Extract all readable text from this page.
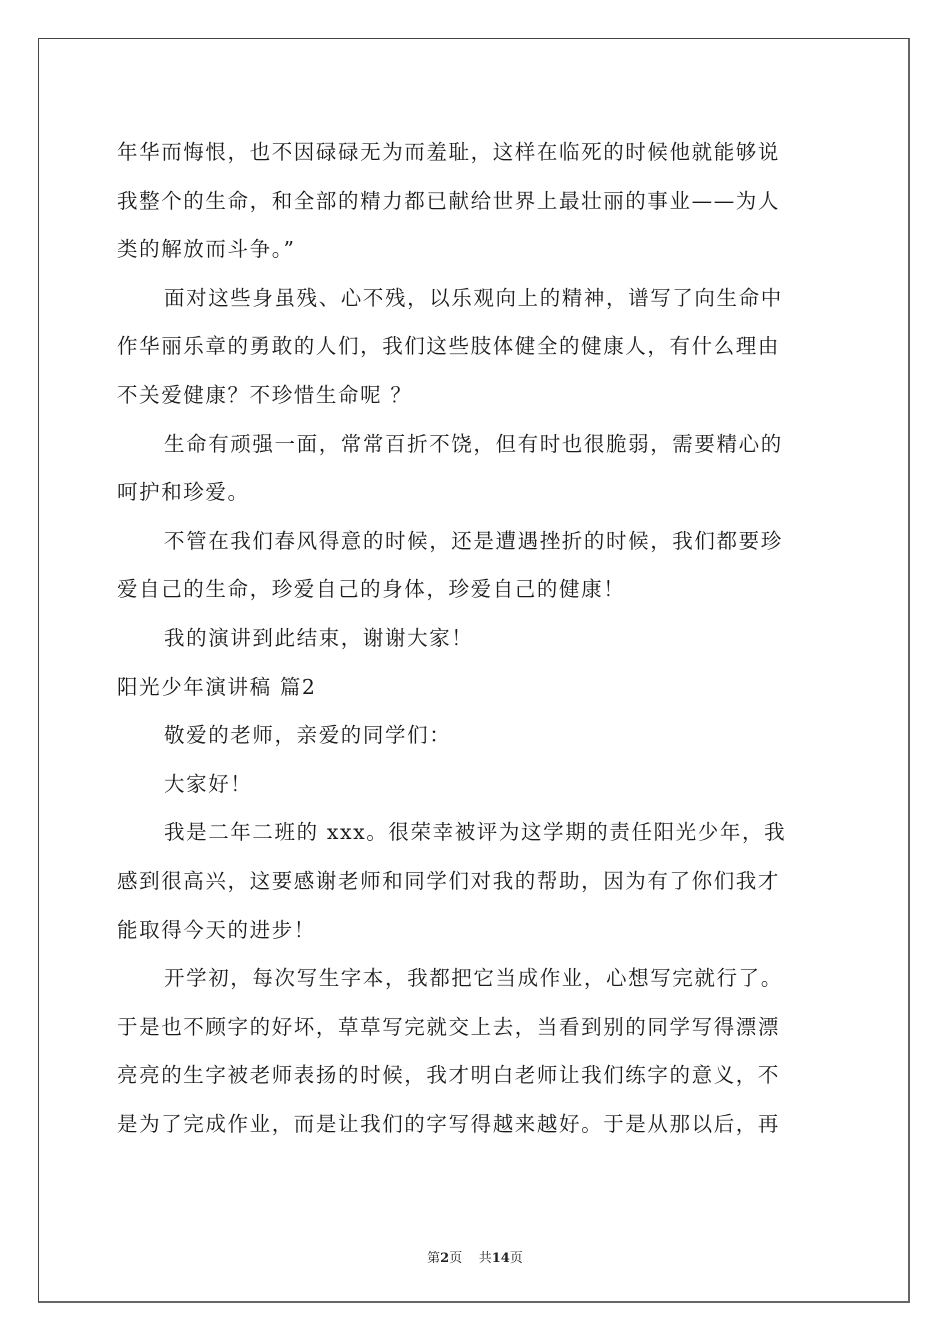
年华而悔恨，也不因碌碌无为而羞耻，这样在临死的时候他就能够说
我整个的生命，和全部的精力都已献给世界上最壮丽的事业——为人
类的解放而斗争。”
面对这些身虽残、心不残，以乐观向上的精神，谱写了向生命中
作华丽乐章的勇敢的人们，我们这些肢体健全的健康人，有什么理由
不关爱健康？不珍惜生命呢 ？
生命有顽强一面，常常百折不饶，但有时也很脆弱，需要精心的
呵护和珍爱。
不管在我们春风得意的时候，还是遭遇挫折的时候，我们都要珍
爱自己的生命，珍爱自己的身体，珍爱自己的健康！
我的演讲到此结束，谢谢大家！
阳光少年演讲稿 篇2
敬爱的老师，亲爱的同学们：
大家好！
我是二年二班的 xxx。很荣幸被评为这学期的责任阳光少年，我
感到很高兴，这要感谢老师和同学们对我的帮助，因为有了你们我才
能取得今天的进步！
开学初，每次写生字本，我都把它当成作业，心想写完就行了。
于是也不顾字的好坏，草草写完就交上去，当看到别的同学写得漂漂
亮亮的生字被老师表扬的时候，我才明白老师让我们练字的意义，不
是为了完成作业，而是让我们的字写得越来越好。于是从那以后，再
第2页 共14页
